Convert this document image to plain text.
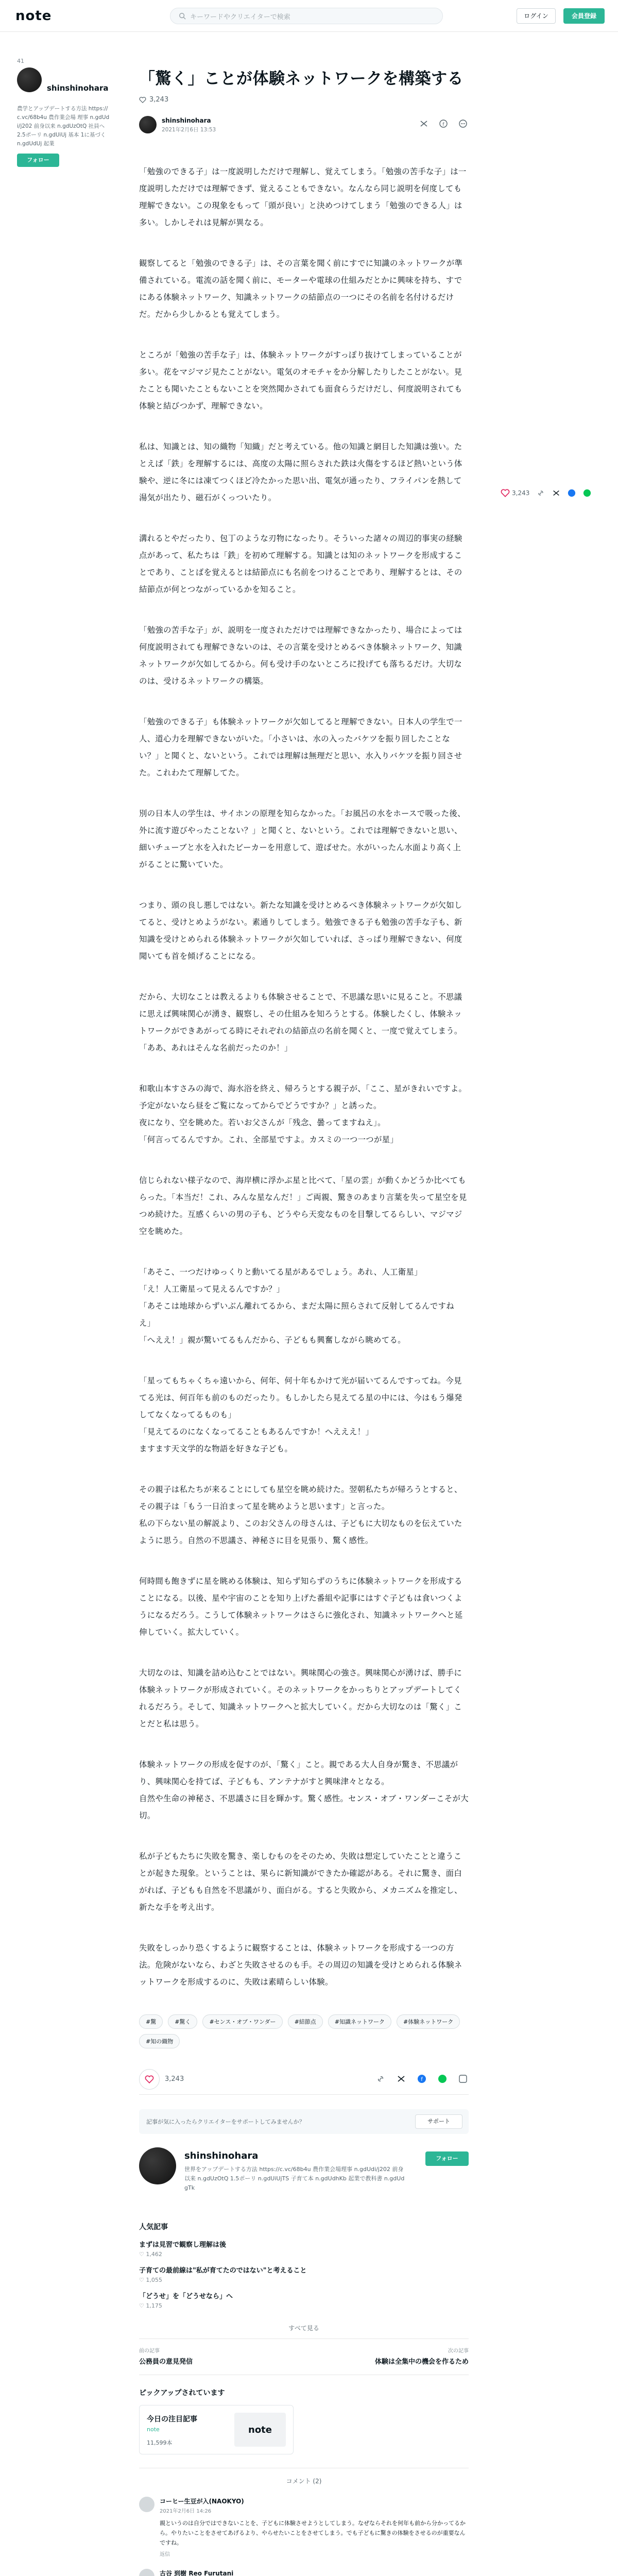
note	キーワードやクリエイターで検索	ログイン	会員登録
41
shinshinohara
農学とアップデートする方法 https://c.vc/68b4u 農作業会場 理事 n.gdUdi/j202 前身以来 n.gdUzOtQ 社員へ 2.5ポーリ n.gdUiUj 基本 1に基づく n.gdUdUj 起業
フォロー
「驚く」ことが体験ネットワークを構築する
3,243
shinshinohara
2021年2月6日 13:53
f

「勉強のできる子」は一度説明しただけで理解し、覚えてしまう。「勉強の苦手な子」は一度説明しただけでは理解できず、覚えることもできない。なんなら同じ説明を何度しても理解できない。この現象をもって「頭が良い」と決めつけてしまう「勉強のできる人」は多い。しかしそれは見解が異なる。

観察してると「勉強のできる子」は、その言葉を聞く前にすでに知識のネットワークが準備されている。電流の話を聞く前に、モーターや電球の仕組みだとかに興味を持ち、すでにある体験ネットワーク、知識ネットワークの結節点の一つにその名前を名付けるだけだ。だから少しかるとも覚えてしまう。

ところが「勉強の苦手な子」は、体験ネットワークがすっぽり抜けてしまっていることが多い。花をマジマジ見たことがない。電気のオモチャをか分解したりしたことがない。見たことも聞いたこともないことを突然聞かされても面食らうだけだし、何度説明されても体験と結びつかず、理解できない。

私は、知識とは、知の織物「知織」だと考えている。他の知識と網目した知識は強い。たとえば「鉄」を理解するには、高度の太陽に照らされた鉄は火傷をするほど熱いという体験や、逆に冬には凍てつくほど冷たかった思い出、電気が通ったり、フライパンを熱して湯気が出たり、磁石がくっついたり。

溝れるとやだったり、包丁のような刃物になったり。そういった諸々の周辺的事実の経験点があって、私たちは「鉄」を初めて理解する。知識とは知のネットワークを形成することであり、ことばを覚えるとは結節点にも名前をつけることであり、理解するとは、その結節点が何とつながっているかを知ること。

「勉強の苦手な子」が、説明を一度されただけでは理解できなかったり、場合によっては何度説明されても理解できないのは、その言葉を受けとめるべき体験ネットワーク、知識ネットワークが欠如してるから。何も受け手のないところに投げても落ちるだけ。大切なのは、受けるネットワークの構築。

「勉強のできる子」も体験ネットワークが欠如してると理解できない。日本人の学生で一人、道心力を理解できないがいた。「小さいは、水の入ったバケツを振り回したことない？」と聞くと、ないという。これでは理解は無理だと思い、水入りバケツを振り回させた。これわたて理解してた。

別の日本人の学生は、サイホンの原理を知らなかった。「お風呂の水をホースで吸った後、外に流す遊びやったことない？」と聞くと、ないという。これでは理解できないと思い、細いチューブと水を入れたビーカーを用意して、遊ばせた。水がいったん水面より高く上がることに驚いていた。

つまり、頭の良し悪しではない。新たな知識を受けとめるべき体験ネットワークが欠如してると、受けとめようがない。素通りしてしまう。勉強できる子も勉強の苦手な子も、新知識を受けとめられる体験ネットワークが欠如していれば、さっぱり理解できない、何度聞いても首を傾げることになる。

だから、大切なことは教えるよりも体験させることで、不思議な思いに見ること。不思議に思えば興味関心が湧き、観察し、その仕組みを知ろうとする。体験したくし、体験ネットワークができあがってる時にそれぞれの結節点の名前を聞くと、一度で覚えてしまう。「ああ、あれはそんな名前だったのか！」

和歌山本すさみの海で、海水浴を終え、帰ろうとする親子が、「ここ、星がきれいですよ。予定がないなら昼をご覧になってからでどうですか？」と誘った。
夜になり、空を眺めた。若いお父さんが「残念、曇ってますねえ」。
「何言ってるんですか。これ、全部星ですよ。カスミの一つ一つが星」

信じられない様子なので、海岸横に浮かぶ星と比べて、「星の雲」が動くかどうか比べてもらった。「本当だ！これ、みんな星なんだ！」ご両親、驚きのあまり言葉を失って星空を見つめ続けた。互感くらいの男の子も、どうやら天変なものを目撃してるらしい、マジマジ空を眺めた。

「あそこ、一つだけゆっくりと動いてる星があるでしょう。あれ、人工衛星」
「え！人工衛星って見えるんですか？」
「あそこは地球からずいぶん離れてるから、まだ太陽に照らされて反射してるんですねえ」
「へええ！」親が驚いてるもんだから、子どもも興奮しながら眺めてる。

「星ってもちゃくちゃ遠いから、何年、何十年もかけて光が届いてるんですってね。今見てる光は、何百年も前のものだったり。もしかしたら見えてる星の中には、今はもう爆発してなくなってるものも」
「見えてるのになくなってることもあるんですか！へえええ！」
ますます天文学的な物語を好きな子ども。

その親子は私たちが来ることにしても星空を眺め続けた。翌朝私たちが帰ろうとすると、その親子は「もう一日泊まって星を眺めようと思います」と言った。
私の下らない星の解説より、このお父さんの母さんは、子どもに大切なものを伝えていたように思う。自然の不思議さ、神秘さに目を見張り、驚く感性。

何時間も飽きずに星を眺める体験は、知らず知らずのうちに体験ネットワークを形成することになる。以後、星や宇宙のことを知り上げた番組や記事にはすぐ子どもは食いつくようになるだろう。こうして体験ネットワークはさらに強化され、知識ネットワークへと延伸していく。拡大していく。

大切なのは、知識を詰め込むことではない。興味関心の強さ。興味関心が湧けば、勝手に体験ネットワークが形成されていく。そのネットワークをかっちりとアップデートしてくれるだろう。そして、知識ネットワークへと拡大していく。だから大切なのは「驚く」ことだと私は思う。

体験ネットワークの形成を促すのが、「驚く」こと。親である大人自身が驚き、不思議がり、興味関心を持てば、子どもも、アンテナがすと興味津々となる。
自然や生命の神秘さ、不思議さに目を輝かす。驚く感性。センス・オブ・ワンダーこそが大切。

私が子どもたちに失敗を驚き、楽しむものをそのため、失敗は想定していたことと違うことが起きた現象。ということは、果らに新知識ができたか確認がある。それに驚き、面白がれば、子どもも自然を不思議がり、面白がる。すると失敗から、メカニズムを推定し、新たな手を考え出す。

失敗をしっかり恐くするように観察することは、体験ネットワークを形成する一つの方法。危険がないなら、わざと失敗させるのも手。その周辺の知識を受けとめられる体験ネットワークを形成するのに、失敗は素晴らしい体験。

#驚	#驚く	#センス・オブ・ワンダー	#結節点	#知識ネットワーク	#体験ネットワーク
#知の織物
3,243	f
記事が気に入ったらクリエイターをサポートしてみませんか？	サポート
shinshinohara
世界をアップデートする方法 https://c.vc/68b4u 農作業会場理事 n.gdUdi/j202 前身以来 n.gdUzOtQ 1.5ポーリ n.gdUiUjTS 子育て本 n.gdUdhKb 起業で教科書 n.gdUdgTk
フォロー
人気記事
まずは見習で観察し理解は後
♡ 1,462
子育ての最前線は"私が育てたのではない"と考えること
♡ 1,055
「どうせ」を「どうせなら」へ
♡ 1,175
すべて見る
前の記事
公務員の意見発信
次の記事
体験は全集中の機会を作るため
ピックアップされています
今日の注目記事
note
11,599本
note
コメント (2)
コーヒー生豆が入(NAOKYO)
2021年2月6日 14:26
親というのは自分ではできないことを、子どもに体験させようとしてしまう。なぜならそれを何年も前から分かってるから。やりたいことをさせてあげるより、やらせたいことをさせてしまう。でも子どもに驚きの体験をさせるのが重要なんですね。
返信
古谷 到樹 Reo Furutani
3,243
